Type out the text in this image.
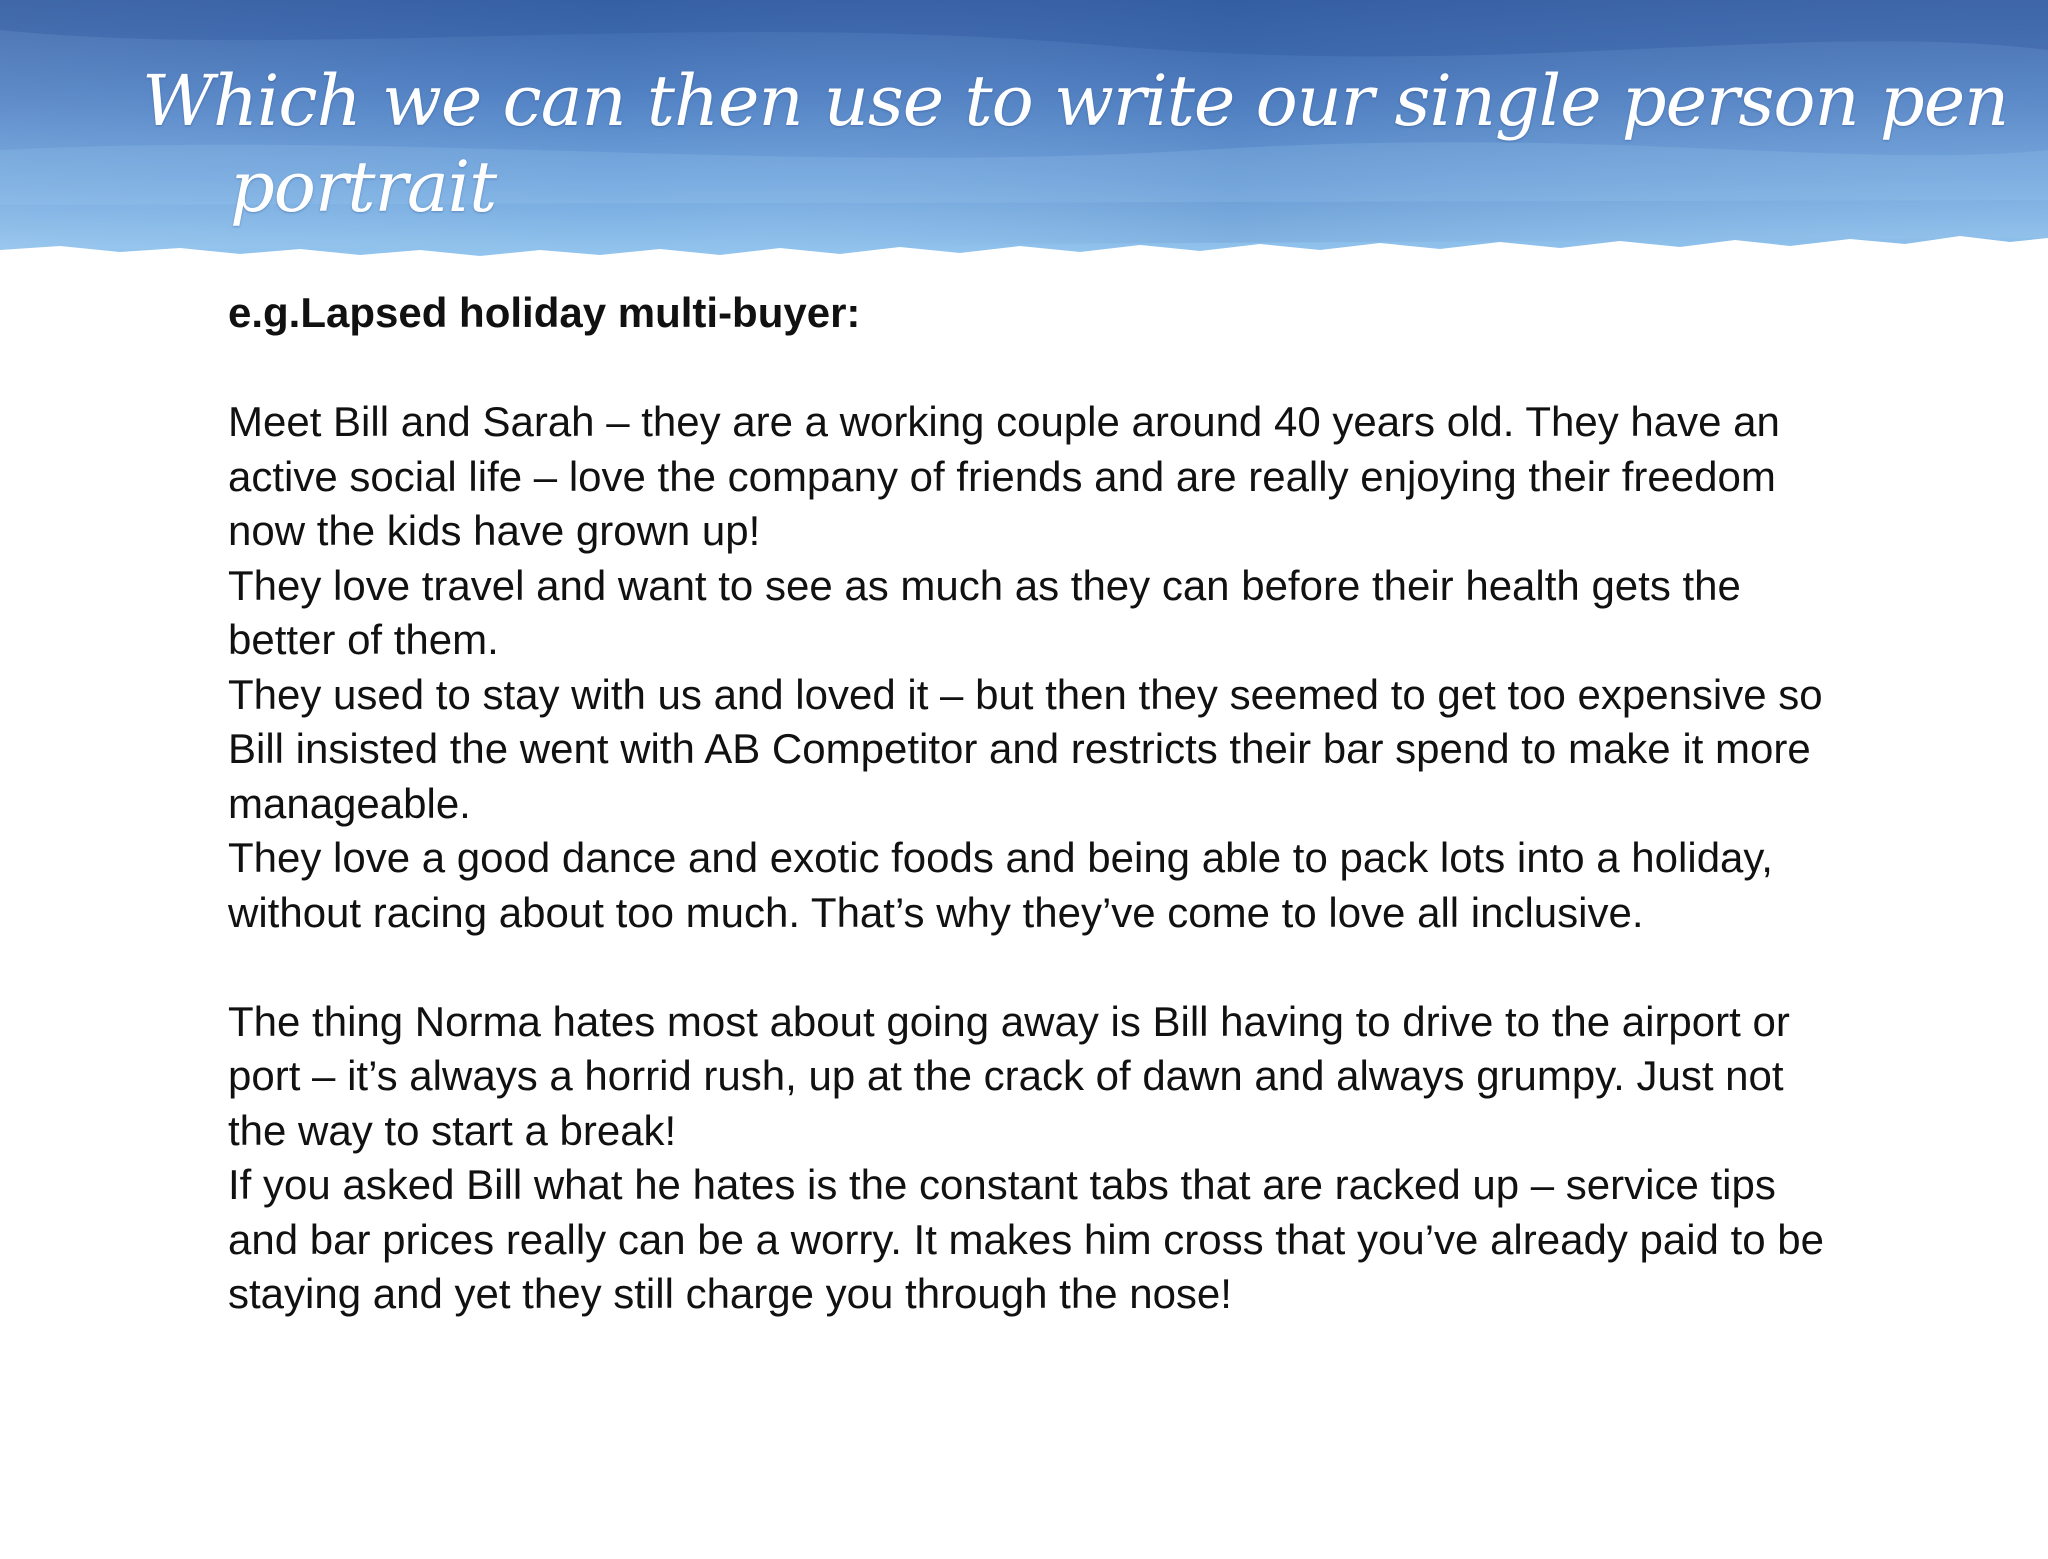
Which we can then use to write our single person pen
portrait

e.g.Lapsed holiday multi-buyer:

Meet Bill and Sarah – they are a working couple around 40 years old. They have an
active social life – love the company of friends and are really enjoying their freedom
now the kids have grown up!
They love travel and want to see as much as they can before their health gets the
better of them.
They used to stay with us and loved it – but then they seemed to get too expensive so
Bill insisted the went with AB Competitor and restricts their bar spend to make it more
manageable.
They love a good dance and exotic foods and being able to pack lots into a holiday,
without racing about too much. That’s why they’ve come to love all inclusive.
The thing Norma hates most about going away is Bill having to drive to the airport or
port – it’s always a horrid rush, up at the crack of dawn and always grumpy. Just not
the way to start a break!
If you asked Bill what he hates is the constant tabs that are racked up – service tips
and bar prices really can be a worry. It makes him cross that you’ve already paid to be
staying and yet they still charge you through the nose!
